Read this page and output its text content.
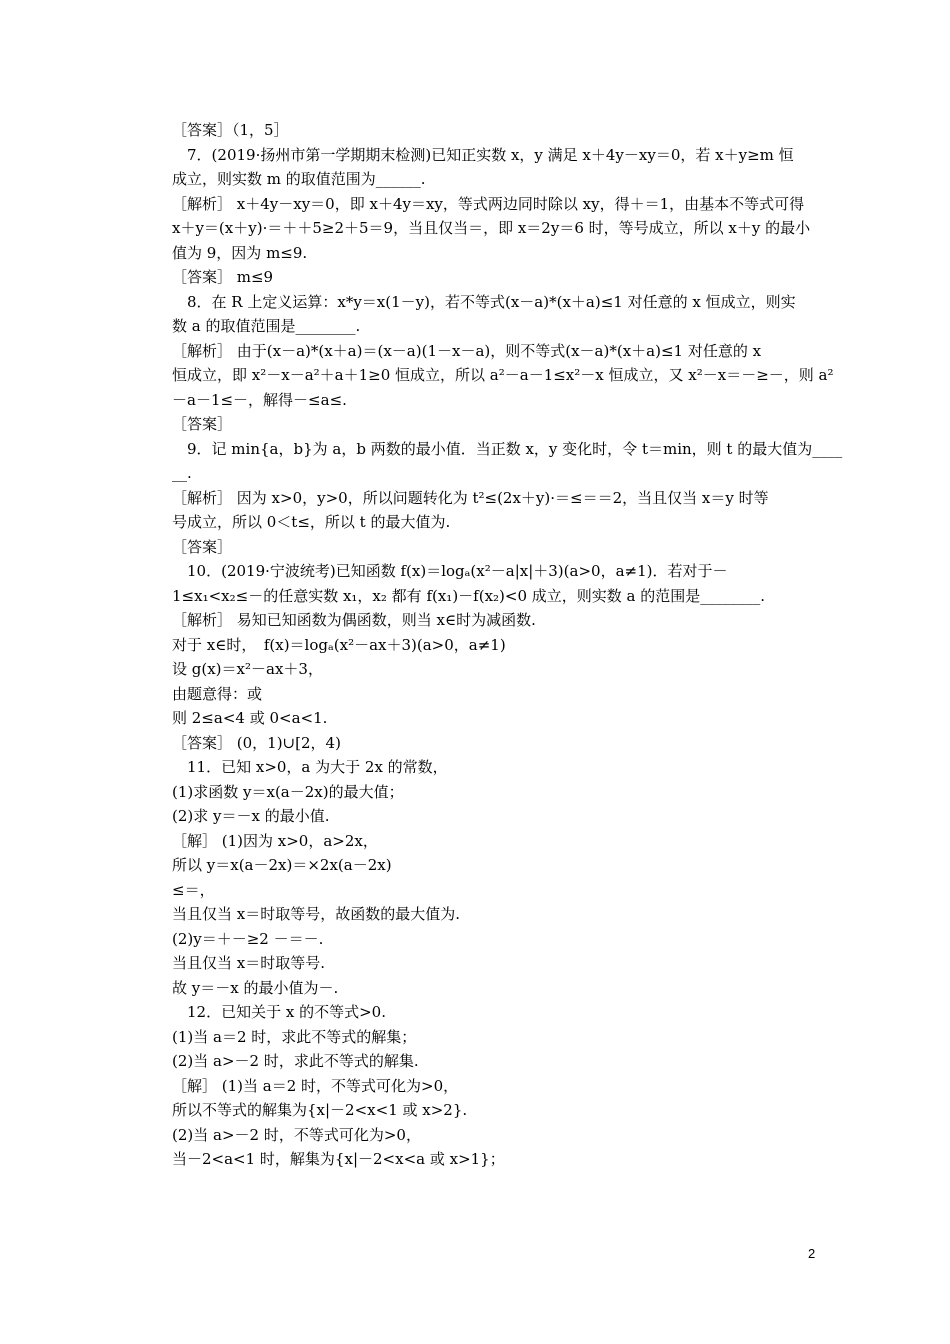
［答案］（1，5］
　7．(2019·扬州市第一学期期末检测)已知正实数 x，y 满足 x＋4y－xy＝0，若 x＋y≥m 恒
成立，则实数 m 的取值范围为______.
［解析］ x＋4y－xy＝0，即 x＋4y＝xy，等式两边同时除以 xy，得＋＝1，由基本不等式可得
x＋y＝(x＋y)·＝＋＋5≥2＋5＝9，当且仅当＝，即 x＝2y＝6 时，等号成立，所以 x＋y 的最小
值为 9，因为 m≤9.
［答案］ m≤9
　8．在 R 上定义运算：x*y＝x(1－y)，若不等式(x－a)*(x＋a)≤1 对任意的 x 恒成立，则实
数 a 的取值范围是________.
［解析］ 由于(x－a)*(x＋a)＝(x－a)(1－x－a)，则不等式(x－a)*(x＋a)≤1 对任意的 x
恒成立，即 x²－x－a²＋a＋1≥0 恒成立，所以 a²－a－1≤x²－x 恒成立，又 x²－x＝－≥－，则 a²
－a－1≤－，解得－≤a≤.
［答案］
　9．记 min{a，b}为 a，b 两数的最小值．当正数 x，y 变化时，令 t＝min，则 t 的最大值为____
__.
［解析］ 因为 x>0，y>0，所以问题转化为 t²≤(2x＋y)·＝≤＝＝2，当且仅当 x＝y 时等
号成立，所以 0＜t≤，所以 t 的最大值为.
［答案］
　10．(2019·宁波统考)已知函数 f(x)＝logₐ(x²－a|x|＋3)(a>0，a≠1)．若对于－
1≤x₁<x₂≤－的任意实数 x₁，x₂ 都有 f(x₁)－f(x₂)<0 成立，则实数 a 的范围是________.
［解析］ 易知已知函数为偶函数，则当 x∈时为减函数.
对于 x∈时，　f(x)＝logₐ(x²－ax＋3)(a>0，a≠1)
设 g(x)＝x²－ax＋3，
由题意得：或
则 2≤a<4 或 0<a<1.
［答案］ (0，1)∪[2，4)
　11．已知 x>0，a 为大于 2x 的常数，
(1)求函数 y＝x(a－2x)的最大值；
(2)求 y＝－x 的最小值.
［解］ (1)因为 x>0，a>2x，
所以 y＝x(a－2x)＝×2x(a－2x)
≤＝，
当且仅当 x＝时取等号，故函数的最大值为.
(2)y＝＋－≥2 －＝－.
当且仅当 x＝时取等号.
故 y＝－x 的最小值为－.
　12．已知关于 x 的不等式>0.
(1)当 a＝2 时，求此不等式的解集；
(2)当 a>－2 时，求此不等式的解集.
［解］ (1)当 a＝2 时，不等式可化为>0，
所以不等式的解集为{x|－2<x<1 或 x>2}.
(2)当 a>－2 时，不等式可化为>0，
当－2<a<1 时，解集为{x|－2<x<a 或 x>1}；
2
